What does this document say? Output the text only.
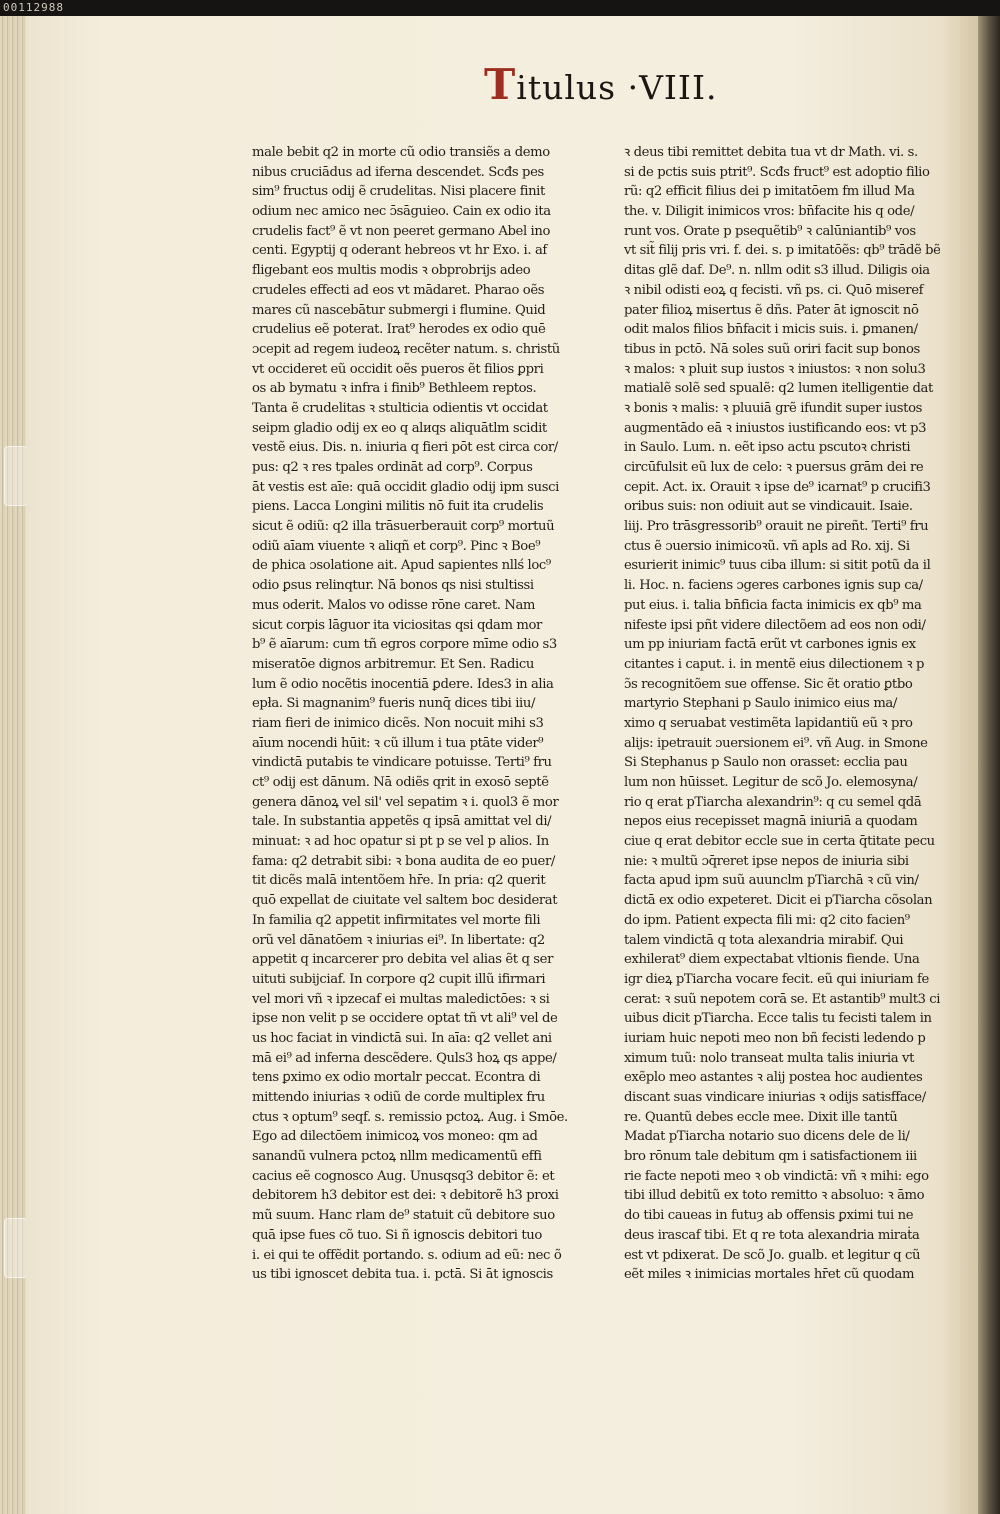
00112988
Titulus ·VIII.
male bebit q2 in morte cũ odio transiẽs a demo
nibus cruciādus ad iferna descendet. Scđs pes
sim⁹ fructus odij ẽ crudelitas. Nisi placere finit
odium nec amico nec ɔ̄sāguieo. Cain ex odio ita
crudelis fact⁹ ẽ vt non peeret germano Abel ino
centi. Egyptij q oderant hebreos vt hr Exo. i. af
fligebant eos multis modis ꝛ obprobrijs adeo
crudeles effecti ad eos vt mādaret. Pharao oẽs
mares cũ nascebātur submergi i flumine. Quid
crudelius eẽ poterat. Irat⁹ herodes ex odio quē
ɔcepit ad regem iudeoꝝ recẽter natum. s. christũ
vt occideret eũ occidit oẽs pueros ẽt filios ꝑpri
os ab bymatu ꝛ infra i finib⁹ Bethleem reptos.
Tanta ẽ crudelitas ꝛ stulticia odientis vt occidat
seipm gladio odij ex eo q alиqs aliquātlm scidit
vestẽ eius. Dis. n. iniuria q fieri pōt est circa cor/
pus: q2 ꝛ res tpales ordināt ad corp⁹. Corpus
āt vestis est aīe: quā occidit gladio odij ipm susci
piens. Lacca Longini militis nō fuit ita crudelis
sicut ẽ odiũ: q2 illa trāsuerberauit corp⁹ mortuũ
odiũ aīam viuente ꝛ aliqñ et corp⁹. Pinc ꝛ Boe⁹
de phica ɔsolatione ait. Apud sapientes nllś loc⁹
odio ꝑsus relinqtur. Nā bonos qs nisi stultissi
mus oderit. Malos vo odisse rōne caret. Nam
sicut corpis lāguor ita viciositas qsi qdam mor
b⁹ ẽ aīarum: cum tñ egros corpore mīme odio s3
miseratōe dignos arbitremur. Et Sen. Radicu
lum ẽ odio nocẽtis inocentiā ꝑdere. Ides3 in alia
epła. Si magnanim⁹ fueris nunq̄ dices tibi iiu/
riam fieri de inimico dicẽs. Non nocuit mihi s3
aīum nocendi hūit: ꝛ cũ illum i tua ptāte vider⁹
vindictā putabis te vindicare potuisse. Terti⁹ fru
ct⁹ odij est dānum. Nā odiẽs qrit in exosō septẽ
genera dānoꝝ vel sil' vel sepatim ꝛ i. quol3 ẽ mor
tale. In substantia appetẽs q ipsā amittat vel di/
minuat: ꝛ ad hoc opatur si pt p se vel p alios. In
fama: q2 detrabit sibi: ꝛ bona audita de eo puer/
tit dicẽs malā intentõem hr̄e. In pria: q2 querit
quō expellat de ciuitate vel saltem boc desiderat
In familia q2 appetit infirmitates vel morte fili
orũ vel dānatōem ꝛ iniurias ei⁹. In libertate: q2
appetit q incarcerer pro debita vel alias ẽt q ser
uituti subijciaf. In corpore q2 cupit illũ ifirmari
vel mori vñ ꝛ ipzecaf ei multas maledictōes: ꝛ si
ipse non velit p se occidere optat tñ vt ali⁹ vel de
us hoc faciat in vindictā sui. In aīa: q2 vellet ani
mā ei⁹ ad inferna descẽdere. Quls3 hoꝝ qs appe/
tens ꝑximo ex odio mortalr peccat. Econtra di
mittendo iniurias ꝛ odiũ de corde multiplex fru
ctus ꝛ optum⁹ seqf. s. remissio pctoꝝ. Aug. i Smōe.
Ego ad dilectōem inimicoꝝ vos moneo: qm ad
sanandũ vulnera pctoꝝ nllm medicamentũ effi
cacius eẽ cognosco Aug. Unusqsq3 debitor ẽ: et
debitorem h3 debitor est dei: ꝛ debitorẽ h3 proxi
mũ suum. Hanc rlam de⁹ statuit cũ debitore suo
quā ipse fues cõ tuo. Si ñ ignoscis debitori tuo
i. ei qui te offẽdit portando. s. odium ad eũ: nec õ
us tibi ignoscet debita tua. i. pctā. Si āt ignoscis
ꝛ deus tibi remittet debita tua vt dr Math. vi. s.
si de pctis suis ptrit⁹. Scđs fruct⁹ est adoptio filio
rũ: q2 efficit filius dei p imitatōem fm illud Ma
the. v. Diligit inimicos vros: bn̄facite his q ode/
runt vos. Orate p psequẽtib⁹ ꝛ calūniantib⁹ vos
vt sit̃ filij pris vri. f. dei. s. p imitatōẽs: qb⁹ trādẽ bẽ
ditas glẽ daf. De⁹. n. nllm odit s3 illud. Diligis oia
ꝛ nibil odisti eoꝝ q fecisti. vñ ps. ci. Quō miseref
pater filioꝝ misertus ẽ dñs. Pater āt ignoscit nō
odit malos filios bn̄facit i micis suis. i. ꝑmanen/
tibus in pctō. Nā soles suũ oriri facit sup bonos
ꝛ malos: ꝛ pluit sup iustos ꝛ iniustos: ꝛ non solu3
matialẽ solẽ sed spualẽ: q2 lumen itelligentie dat
ꝛ bonis ꝛ malis: ꝛ pluuiā grẽ ifundit super iustos
augmentādo eā ꝛ iniustos iustificando eos: vt p3
in Saulo. Lum. n. eẽt ipso actu pscutoꝛ christi
circūfulsit eũ lux de celo: ꝛ puersus grām dei re
cepit. Act. ix. Orauit ꝛ ipse de⁹ icarnat⁹ p crucifi3
oribus suis: non odiuit aut se vindicauit. Isaie.
liij. Pro trāsgressorib⁹ orauit ne pireñt. Terti⁹ fru
ctus ẽ ɔuersio inimicoꝛũ. vñ apls ad Ro. xij. Si
esurierit inimic⁹ tuus ciba illum: si sitit potũ da il
li. Hoc. n. faciens ɔgeres carbones ignis sup ca/
put eius. i. talia bn̄ficia facta inimicis ex qb⁹ ma
nifeste ipsi pñt videre dilectõem ad eos non odi/
um pp iniuriam factā erũt vt carbones ignis ex
citantes i caput. i. in mentẽ eius dilectionem ꝛ p
ɔ̃s recognitõem sue offense. Sic ẽt oratio ꝑtbo
martyrio Stephani p Saulo inimico eius ma/
ximo q seruabat vestimẽta lapidantiũ eũ ꝛ pro
alijs: ipetrauit ɔuersionem ei⁹. vñ Aug. in Smone
Si Stephanus p Saulo non orasset: ecclia pau
lum non hūisset. Legitur de scõ Jo. elemosyna/
rio q erat pTiarcha alexandrin⁹: q cu semel qdā
nepos eius recepisset magnā iniuriā a quodam
ciue q erat debitor eccle sue in certa q̄titate pecu
nie: ꝛ multũ ɔq̄reret ipse nepos de iniuria sibi
facta apud ipm suũ auunclm pTiarchā ꝛ cũ vin/
dictā ex odio expeteret. Dicit ei pTiarcha cõsolan
do ipm. Patient expecta fili mi: q2 cito facien⁹
talem vindictā q tota alexandria mirabif. Qui
exhilerat⁹ diem expectabat vltionis fiende. Una
igr dieꝝ pTiarcha vocare fecit. eũ qui iniuriam fe
cerat: ꝛ suũ nepotem corā se. Et astantib⁹ mult3 ci
uibus dicit pTiarcha. Ecce talis tu fecisti talem in
iuriam huic nepoti meo non bñ fecisti ledendo p
ximum tuũ: nolo transeat multa talis iniuria vt
exẽplo meo astantes ꝛ alij postea hoc audientes
discant suas vindicare iniurias ꝛ odijs satisfface/
re. Quantũ debes eccle mee. Dixit ille tantũ
Madat pTiarcha notario suo dicens dele de li/
bro rōnum tale debitum qm i satisfactionem iii
rie facte nepoti meo ꝛ ob vindictā: vñ ꝛ mihi: ego
tibi illud debitũ ex toto remitto ꝛ absoluo: ꝛ āmo
do tibi caueas in futuȝ ab offensis ꝑximi tui ne
deus irascaf tibi. Et q re tota alexandria miraṫa
est vt pdixerat. De scõ Jo. gualb. et legitur q cũ
eẽt miles ꝛ inimicias mortales hr̄et cũ quodam
